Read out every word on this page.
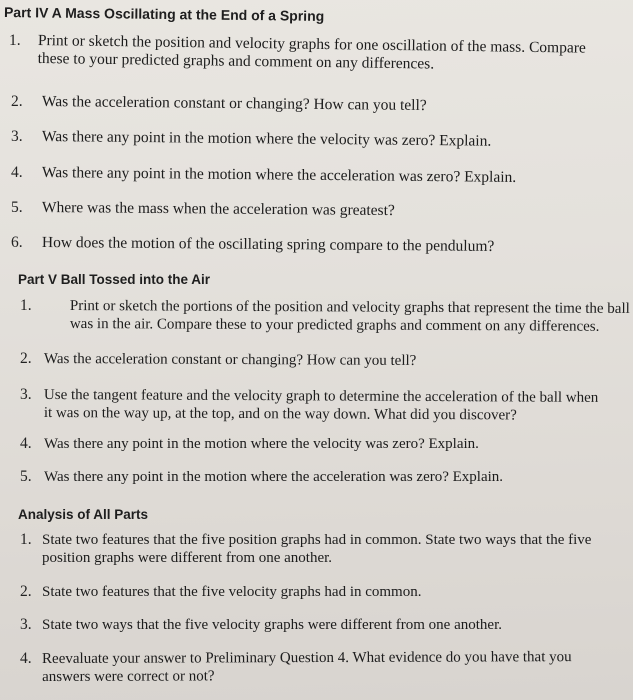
Part IV A Mass Oscillating at the End of a Spring
1. Print or sketch the position and velocity graphs for one oscillation of the mass. Compare
these to your predicted graphs and comment on any differences.
2. Was the acceleration constant or changing? How can you tell?
3. Was there any point in the motion where the velocity was zero? Explain.
4. Was there any point in the motion where the acceleration was zero? Explain.
5. Where was the mass when the acceleration was greatest?
6. How does the motion of the oscillating spring compare to the pendulum?
Part V Ball Tossed into the Air
1.	Print or sketch the portions of the position and velocity graphs that represent the time the ball
was in the air. Compare these to your predicted graphs and comment on any differences.
2. Was the acceleration constant or changing? How can you tell?
3. Use the tangent feature and the velocity graph to determine the acceleration of the ball when
it was on the way up, at the top, and on the way down. What did you discover?
4. Was there any point in the motion where the velocity was zero? Explain.
5. Was there any point in the motion where the acceleration was zero? Explain.
Analysis of All Parts
1. State two features that the five position graphs had in common. State two ways that the five
position graphs were different from one another.
2. State two features that the five velocity graphs had in common.
3. State two ways that the five velocity graphs were different from one another.
4. Reevaluate your answer to Preliminary Question 4. What evidence do you have that you
answers were correct or not?
